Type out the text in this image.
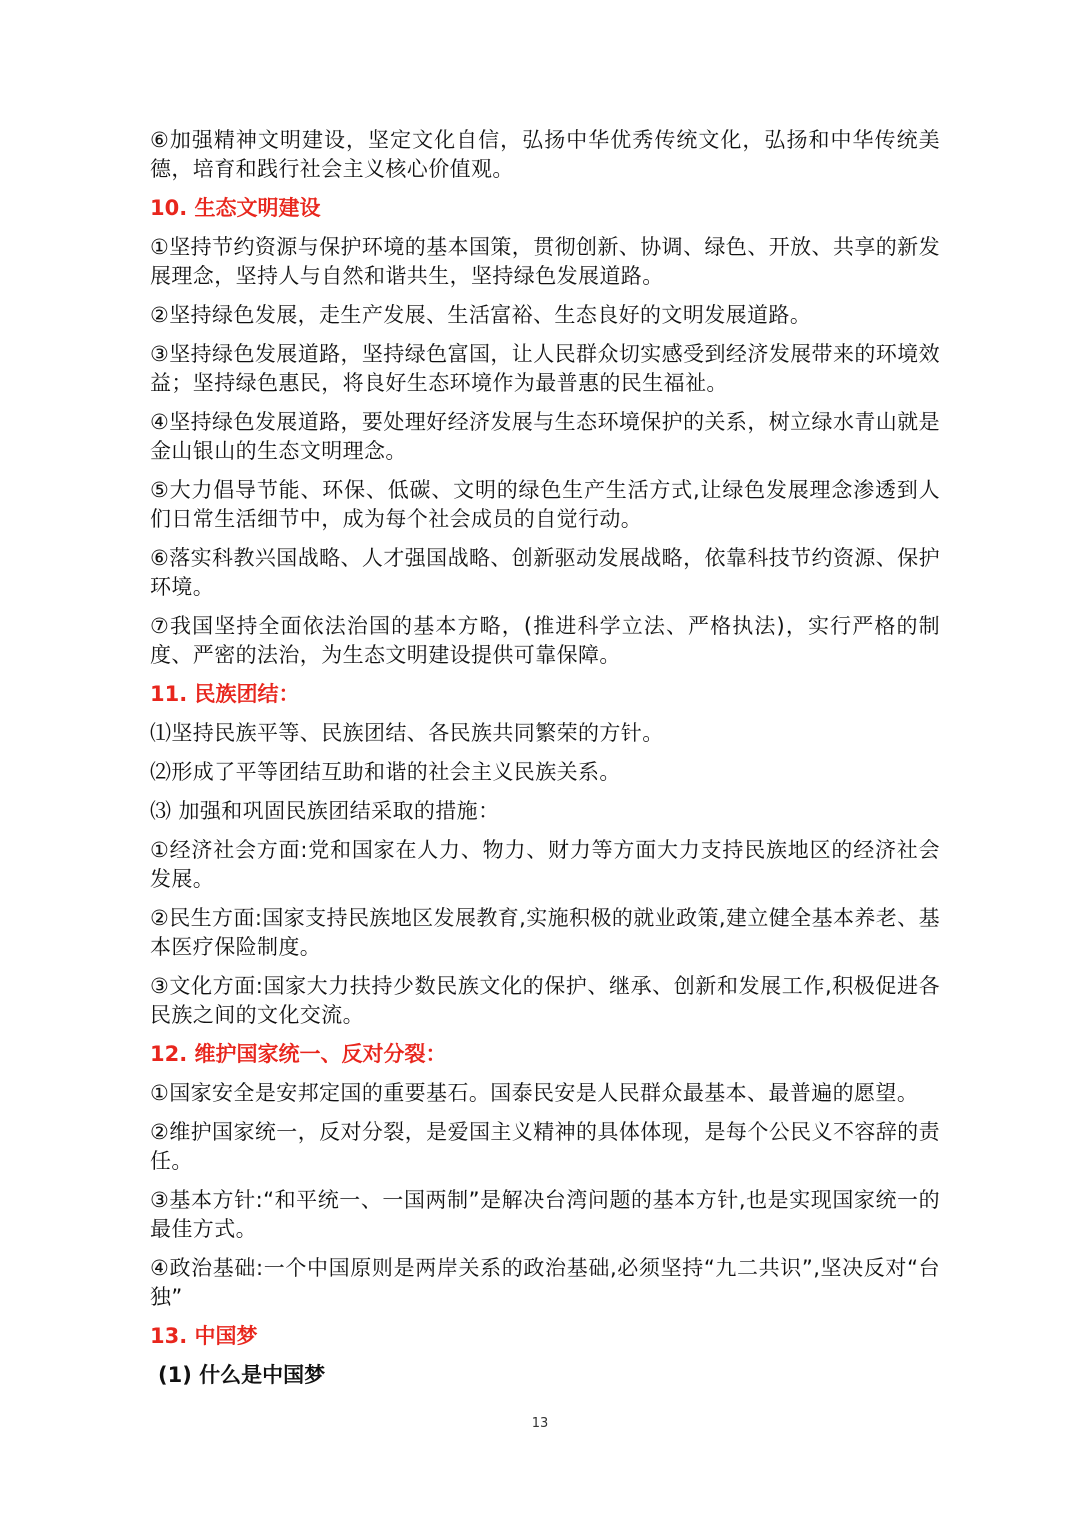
⑥加强精神文明建设，坚定文化自信，弘扬中华优秀传统文化，弘扬和中华传统美德，培育和践行社会主义核心价值观。

10. 生态文明建设

①坚持节约资源与保护环境的基本国策，贯彻创新、协调、绿色、开放、共享的新发展理念，坚持人与自然和谐共生，坚持绿色发展道路。

②坚持绿色发展，走生产发展、生活富裕、生态良好的文明发展道路。

③坚持绿色发展道路，坚持绿色富国，让人民群众切实感受到经济发展带来的环境效益；坚持绿色惠民，将良好生态环境作为最普惠的民生福祉。

④坚持绿色发展道路，要处理好经济发展与生态环境保护的关系，树立绿水青山就是金山银山的生态文明理念。

⑤大力倡导节能、环保、低碳、文明的绿色生产生活方式,让绿色发展理念渗透到人们日常生活细节中，成为每个社会成员的自觉行动。

⑥落实科教兴国战略、人才强国战略、创新驱动发展战略，依靠科技节约资源、保护环境。

⑦我国坚持全面依法治国的基本方略，(推进科学立法、严格执法)，实行严格的制度、严密的法治，为生态文明建设提供可靠保障。

11. 民族团结：

⑴坚持民族平等、民族团结、各民族共同繁荣的方针。

⑵形成了平等团结互助和谐的社会主义民族关系。

⑶ 加强和巩固民族团结采取的措施：

①经济社会方面:党和国家在人力、物力、财力等方面大力支持民族地区的经济社会发展。

②民生方面:国家支持民族地区发展教育,实施积极的就业政策,建立健全基本养老、基本医疗保险制度。

③文化方面:国家大力扶持少数民族文化的保护、继承、创新和发展工作,积极促进各民族之间的文化交流。

12. 维护国家统一、反对分裂：

①国家安全是安邦定国的重要基石。国泰民安是人民群众最基本、最普遍的愿望。

②维护国家统一，反对分裂，是爱国主义精神的具体体现，是每个公民义不容辞的责任。

③基本方针:“和平统一、一国两制”是解决台湾问题的基本方针,也是实现国家统一的最佳方式。

④政治基础:一个中国原则是两岸关系的政治基础,必须坚持“九二共识”,坚决反对“台独”

13. 中国梦

(1) 什么是中国梦

13
